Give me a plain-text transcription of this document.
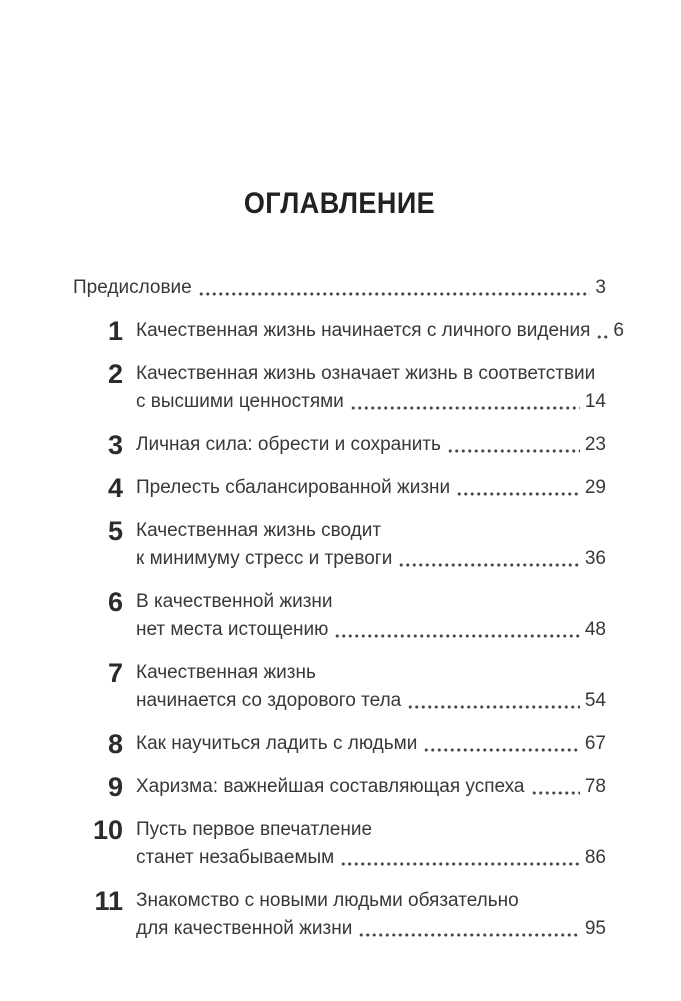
ОГЛАВЛЕНИЕ
Предисловие	3
1 Качественная жизнь начинается с личного видения 6
2 Качественная жизнь означает жизнь в соответствии
с высшими ценностями	14
3 Личная сила: обрести и сохранить	23
4 Прелесть сбалансированной жизни	29
5 Качественная жизнь сводит
к минимуму стресс и тревоги	36
6 В качественной жизни
нет места истощению	48
7 Качественная жизнь
начинается со здорового тела	54
8 Как научиться ладить с людьми	67
9 Харизма: важнейшая составляющая успеха	78
10 Пусть первое впечатление
станет незабываемым	86
11 Знакомство с новыми людьми обязательно
для качественной жизни	95
